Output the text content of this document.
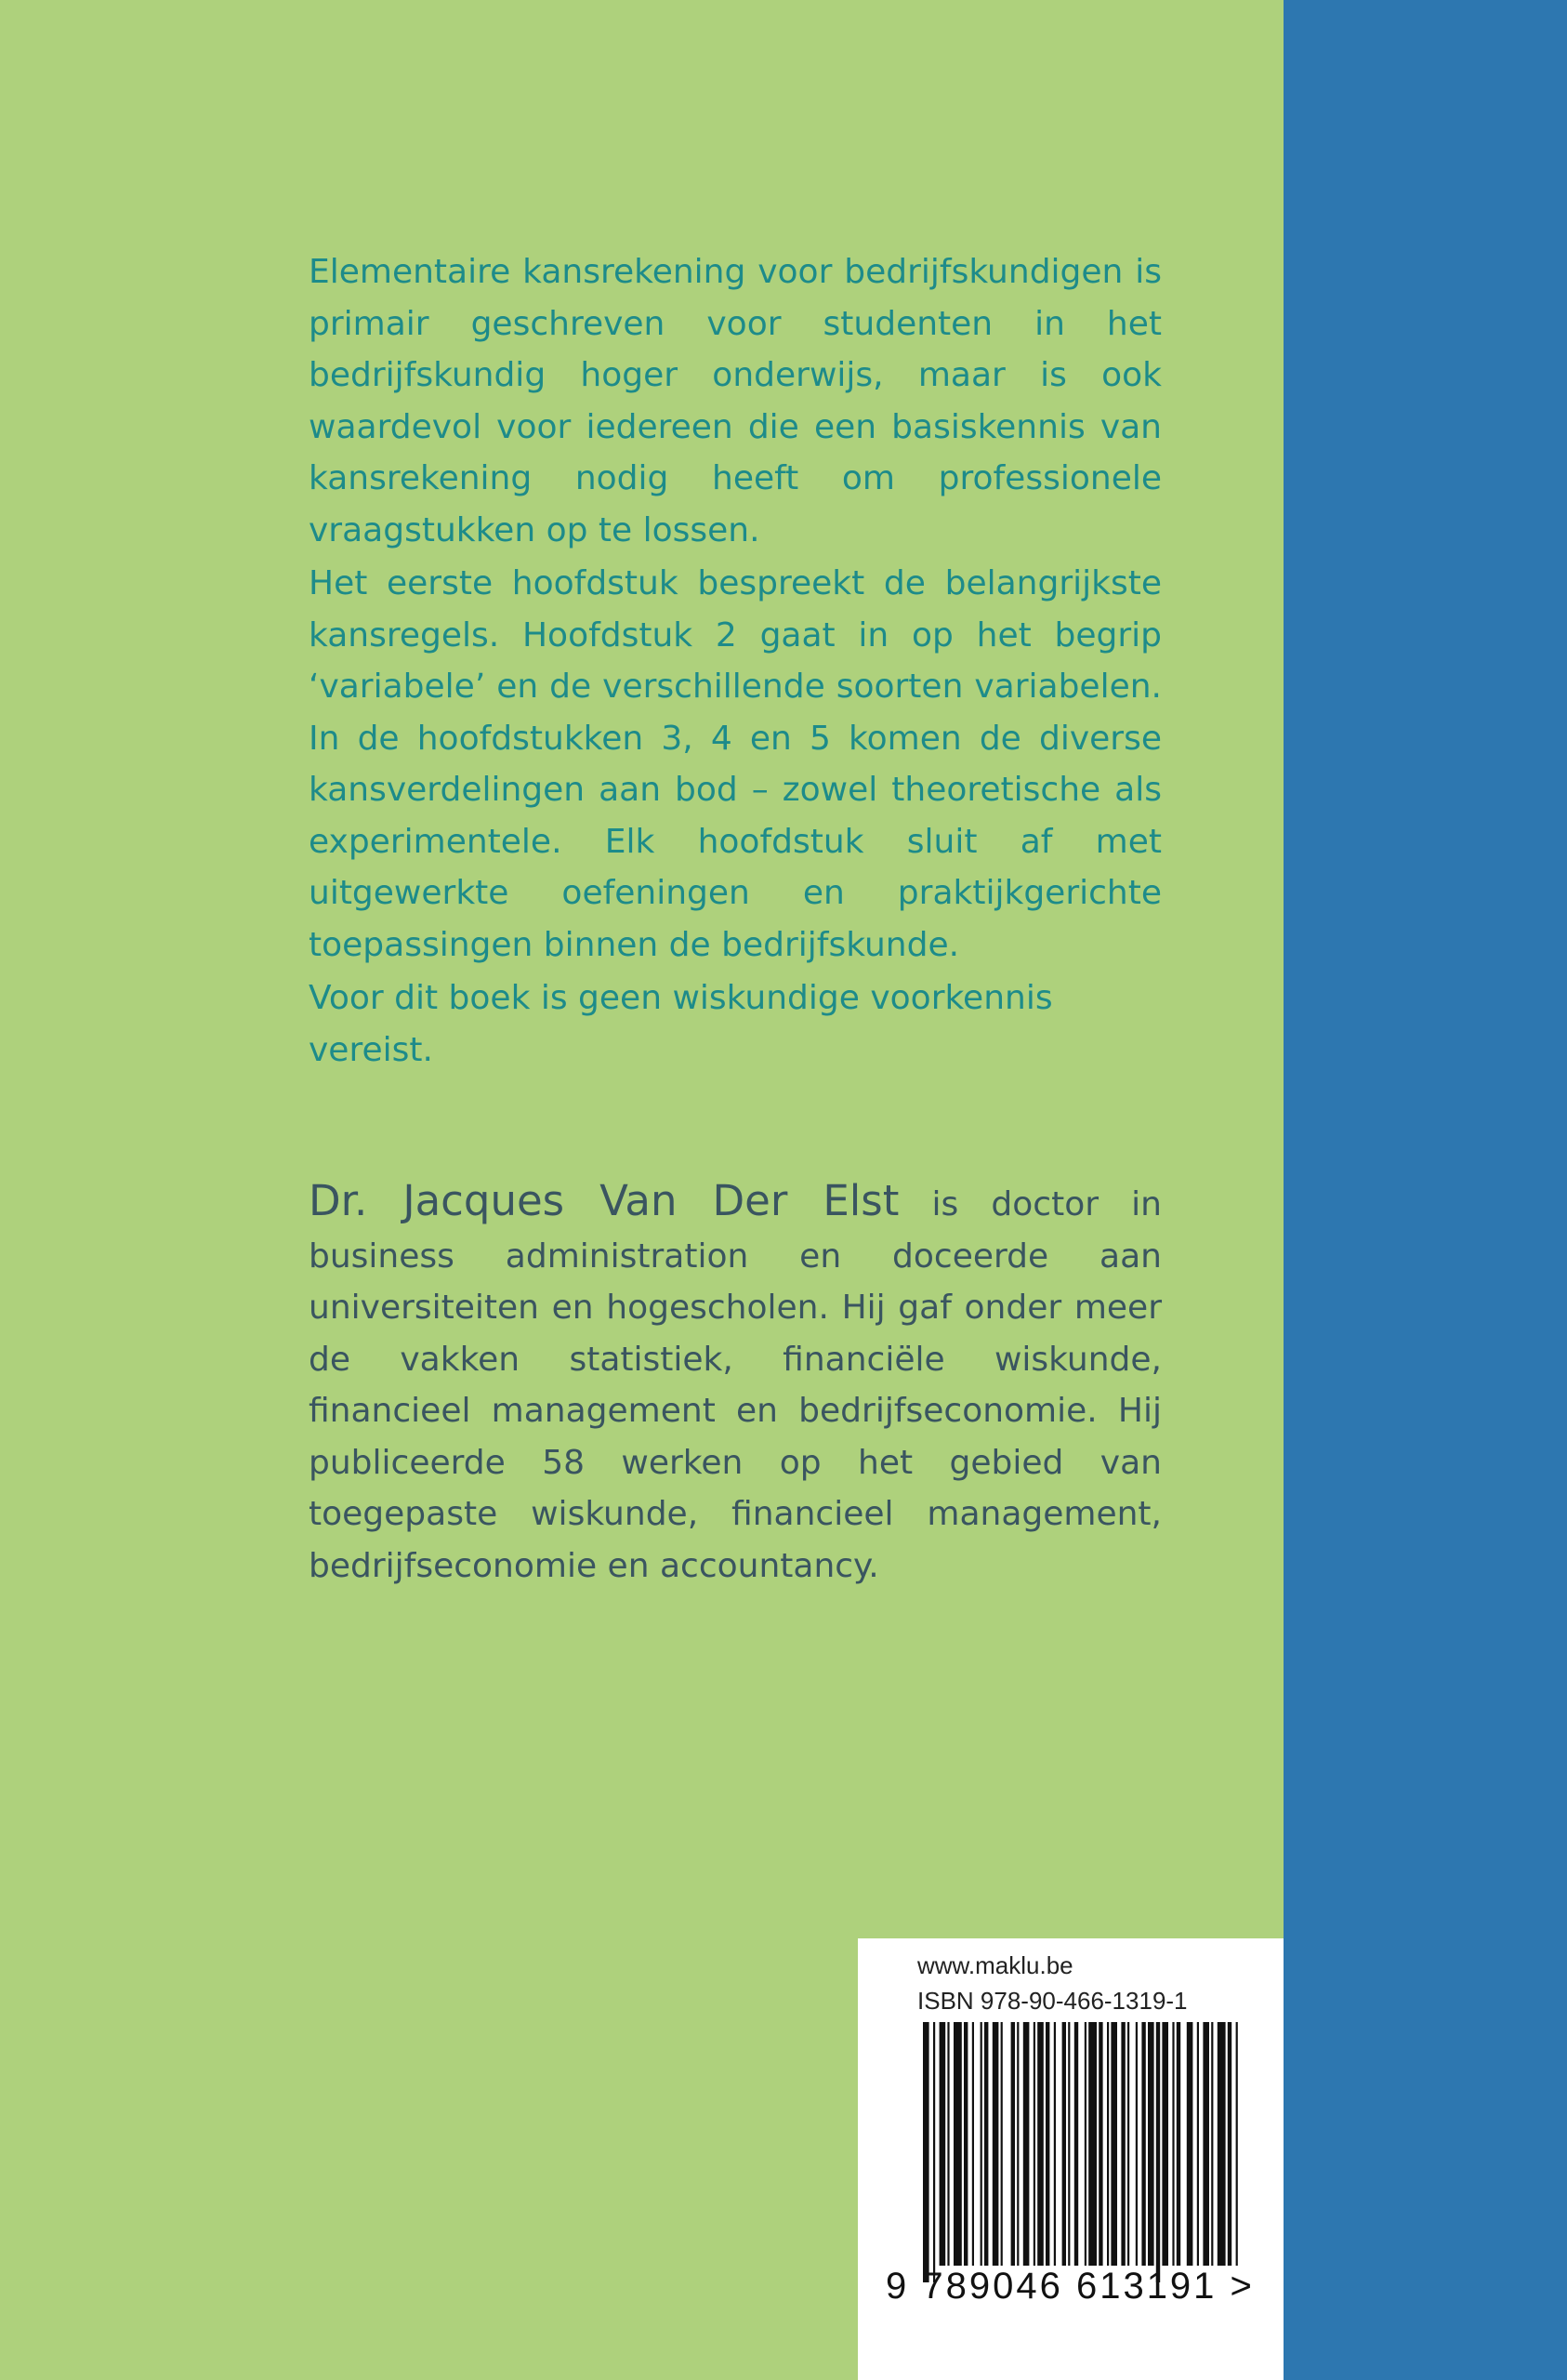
Elementaire kansrekening voor bedrijfskundigen is primair geschreven voor studenten in het bedrijfskundig hoger onderwijs, maar is ook waardevol voor iedereen die een basiskennis van kansrekening nodig heeft om professionele vraagstukken op te lossen.

Het eerste hoofdstuk bespreekt de belangrijkste kansregels. Hoofdstuk 2 gaat in op het begrip ‘variabele’ en de verschillende soorten variabelen. In de hoofdstukken 3, 4 en 5 komen de diverse kansverdelingen aan bod – zowel theoretische als experimentele. Elk hoofdstuk sluit af met uitgewerkte oefeningen en praktijkgerichte toepassingen binnen de bedrijfskunde.

Voor dit boek is geen wiskundige voorkennis vereist.

Dr. Jacques Van Der Elst is doctor in business administration en doceerde aan universiteiten en hogescholen. Hij gaf onder meer de vakken statistiek, financiële wiskunde, financieel management en bedrijfseconomie. Hij publiceerde 58 werken op het gebied van toegepaste wiskunde, financieel management, bedrijfseconomie en accountancy.

www.maklu.be

ISBN 978-90-466-1319-1

9 789046 613191 >
